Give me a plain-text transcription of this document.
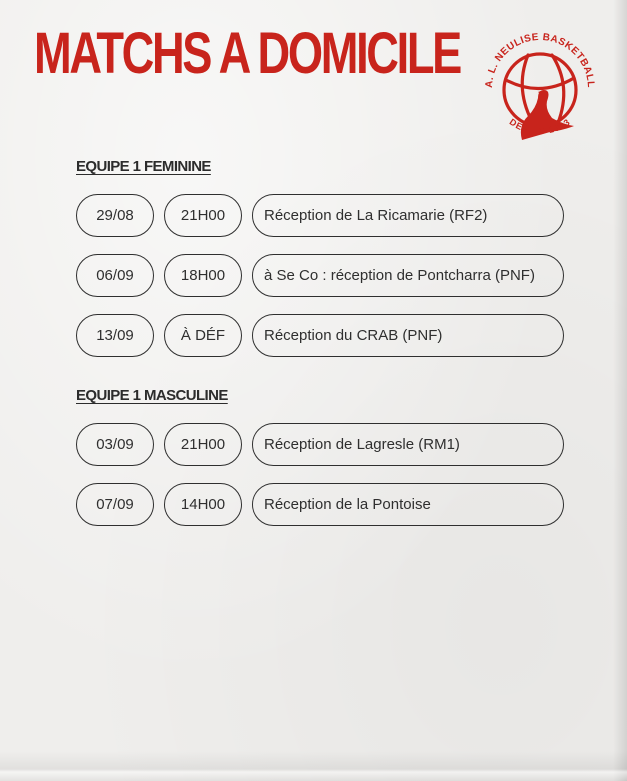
MATCHS A DOMICILE A. L. NEULISE BASKETBALL
DEPUIS 1933
EQUIPE 1 FEMININE
29/08	21H00	Réception de La Ricamarie (RF2)
06/09	18H00	à Se Co : réception de Pontcharra (PNF)
13/09	À DÉF	Réception du CRAB (PNF)
EQUIPE 1 MASCULINE
03/09	21H00	Réception de Lagresle (RM1)
07/09	14H00	Réception de la Pontoise
